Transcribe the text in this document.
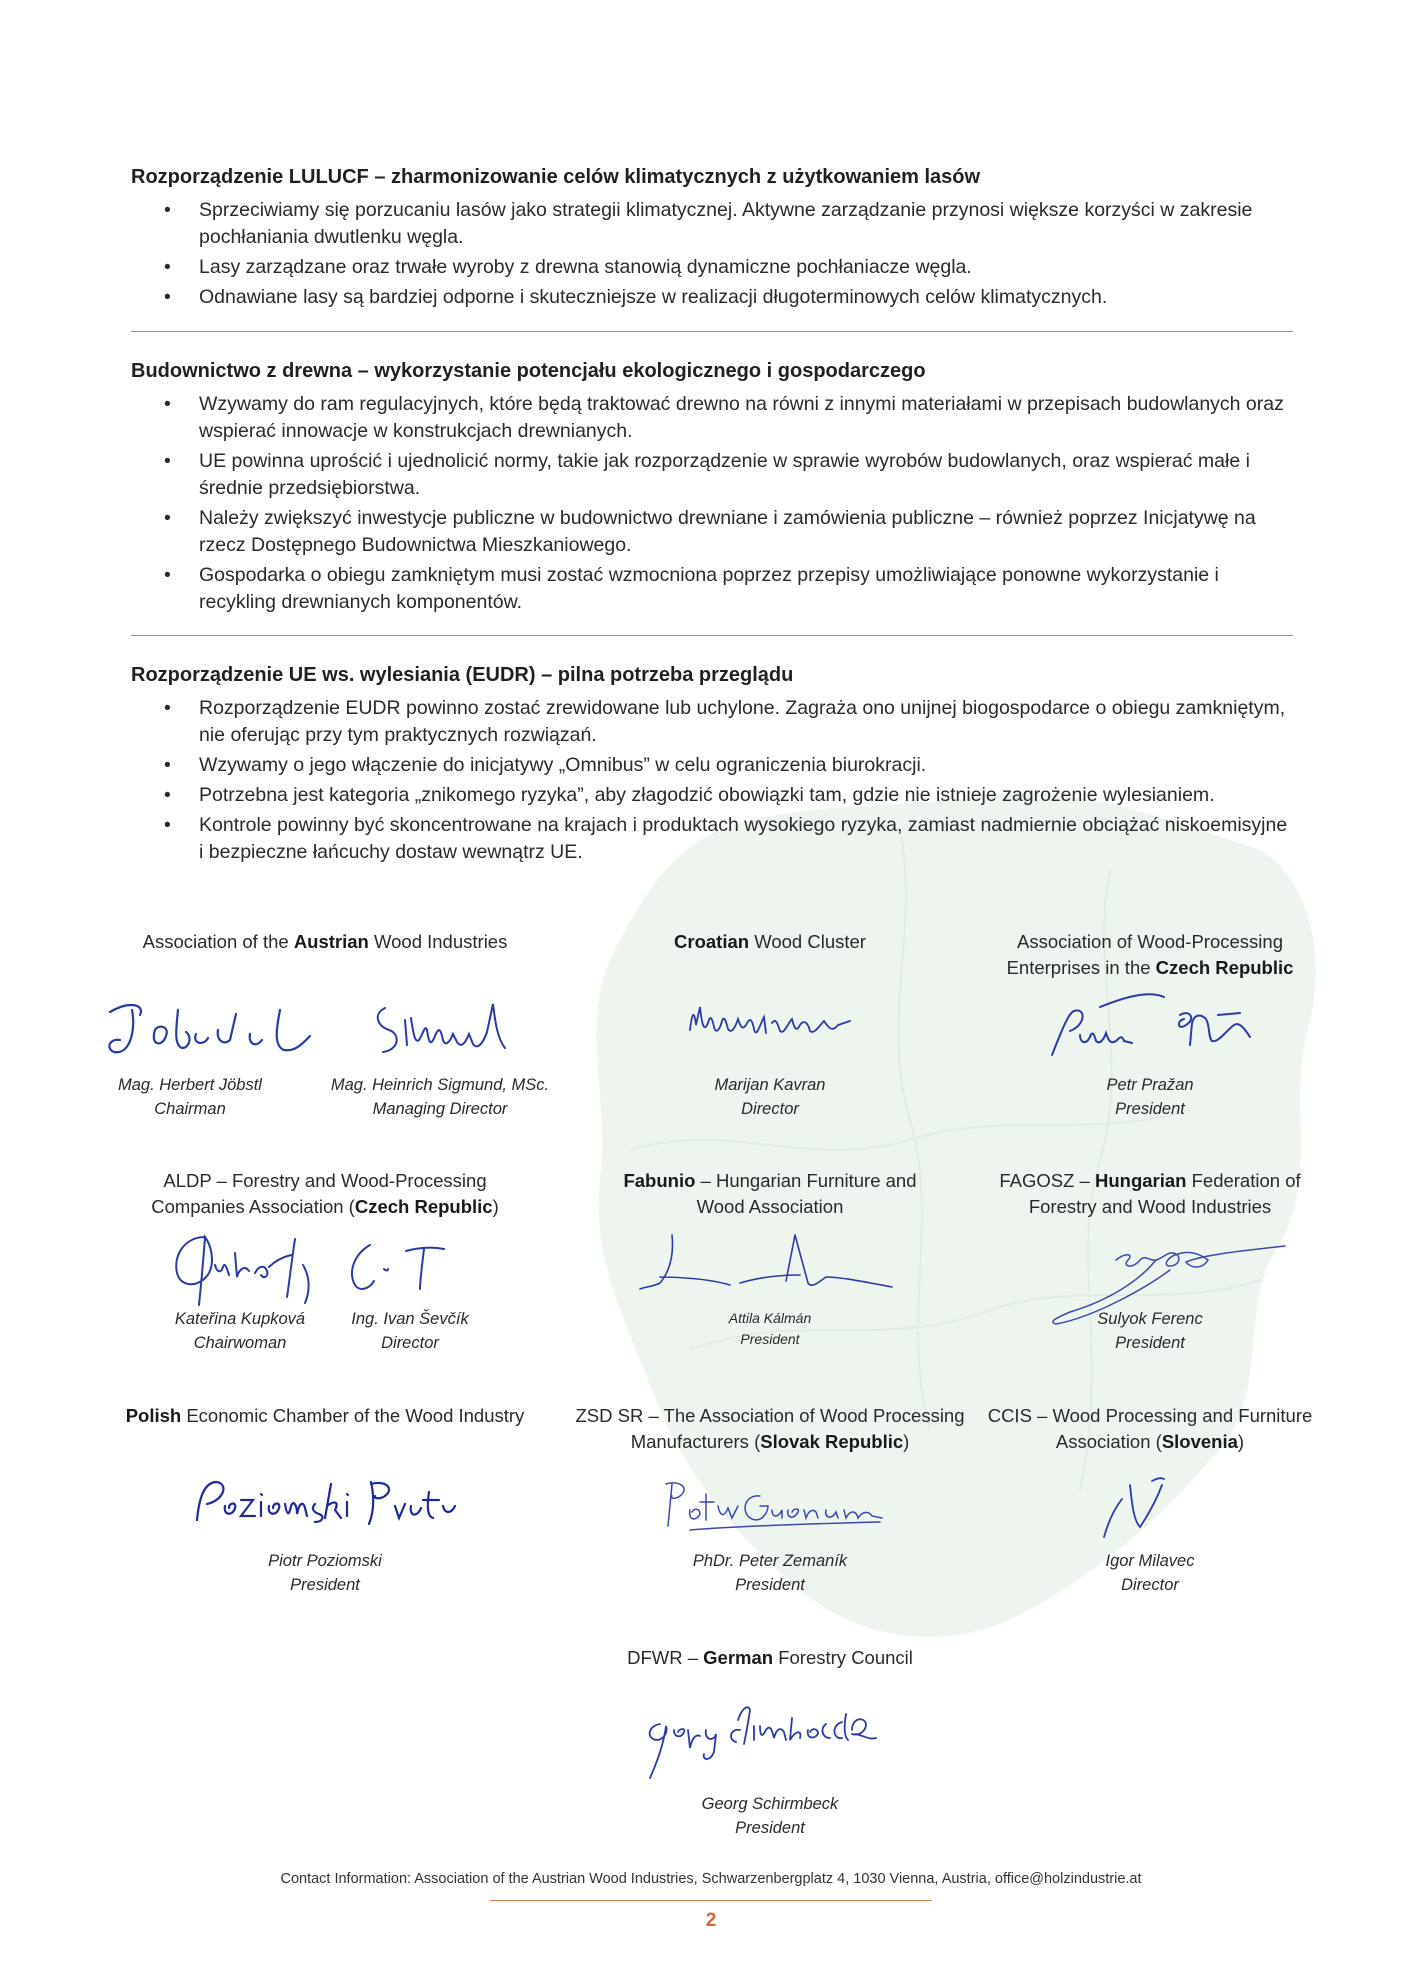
Rozporządzenie LULUCF – zharmonizowanie celów klimatycznych z użytkowaniem lasów
• Sprzeciwiamy się porzucaniu lasów jako strategii klimatycznej. Aktywne zarządzanie przynosi większe korzyści w zakresie pochłaniania dwutlenku węgla.
• Lasy zarządzane oraz trwałe wyroby z drewna stanowią dynamiczne pochłaniacze węgla.
• Odnawiane lasy są bardziej odporne i skuteczniejsze w realizacji długoterminowych celów klimatycznych.
Budownictwo z drewna – wykorzystanie potencjału ekologicznego i gospodarczego
• Wzywamy do ram regulacyjnych, które będą traktować drewno na równi z innymi materiałami w przepisach budowlanych oraz wspierać innowacje w konstrukcjach drewnianych.
• UE powinna uprościć i ujednolicić normy, takie jak rozporządzenie w sprawie wyrobów budowlanych, oraz wspierać małe i średnie przedsiębiorstwa.
• Należy zwiększyć inwestycje publiczne w budownictwo drewniane i zamówienia publiczne – również poprzez Inicjatywę na rzecz Dostępnego Budownictwa Mieszkaniowego.
• Gospodarka o obiegu zamkniętym musi zostać wzmocniona poprzez przepisy umożliwiające ponowne wykorzystanie i recykling drewnianych komponentów.
Rozporządzenie UE ws. wylesiania (EUDR) – pilna potrzeba przeglądu
• Rozporządzenie EUDR powinno zostać zrewidowane lub uchylone. Zagraża ono unijnej biogospodarce o obiegu zamkniętym, nie oferując przy tym praktycznych rozwiązań.
• Wzywamy o jego włączenie do inicjatywy „Omnibus” w celu ograniczenia biurokracji.
• Potrzebna jest kategoria „znikomego ryzyka”, aby złagodzić obowiązki tam, gdzie nie istnieje zagrożenie wylesianiem.
• Kontrole powinny być skoncentrowane na krajach i produktach wysokiego ryzyka, zamiast nadmiernie obciążać niskoemisyjne i bezpieczne łańcuchy dostaw wewnątrz UE.
Association of the Austrian Wood Industries
Mag. Herbert Jöbstl
Chairman
Mag. Heinrich Sigmund, MSc.
Managing Director
Croatian Wood Cluster
Marijan Kavran
Director
Association of Wood-Processing
Enterprises in the Czech Republic
Petr Pražan
President
ALDP – Forestry and Wood-Processing
Companies Association (Czech Republic)
Kateřina Kupková
Chairwoman
Ing. Ivan Ševčík
Director
Fabunio – Hungarian Furniture and
Wood Association
Attila Kálmán
President
FAGOSZ – Hungarian Federation of
Forestry and Wood Industries
Sulyok Ferenc
President
Polish Economic Chamber of the Wood Industry
Piotr Poziomski
President
ZSD SR – The Association of Wood Processing
Manufacturers (Slovak Republic)
PhDr. Peter Zemaník
President
CCIS – Wood Processing and Furniture
Association (Slovenia)
Igor Milavec
Director
DFWR – German Forestry Council
Georg Schirmbeck
President
Contact Information: Association of the Austrian Wood Industries, Schwarzenbergplatz 4, 1030 Vienna, Austria, office@holzindustrie.at
2
